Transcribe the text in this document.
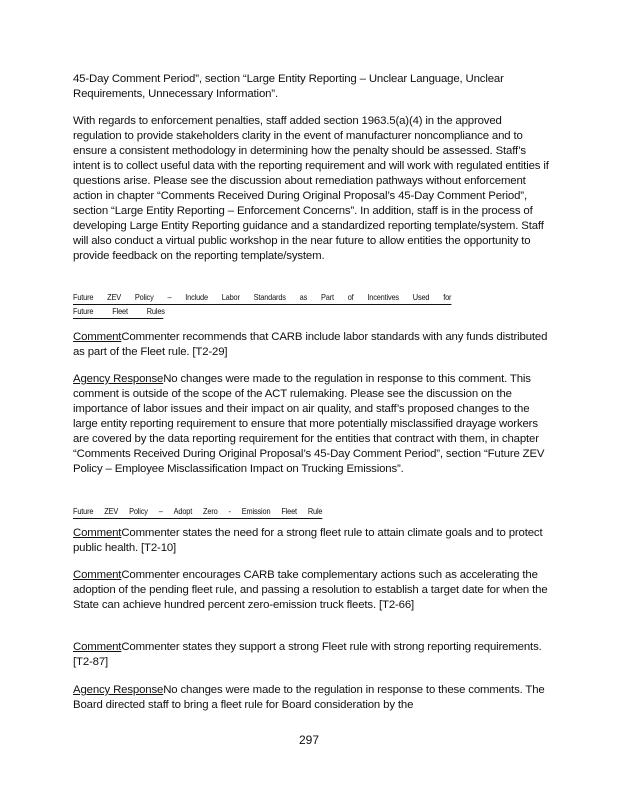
45-Day Comment Period”, section “Large Entity Reporting – Unclear Language, Unclear Requirements, Unnecessary Information”.

With regards to enforcement penalties, staff added section 1963.5(a)(4) in the approved regulation to provide stakeholders clarity in the event of manufacturer noncompliance and to ensure a consistent methodology in determining how the penalty should be assessed. Staff’s intent is to collect useful data with the reporting requirement and will work with regulated entities if questions arise. Please see the discussion about remediation pathways without enforcement action in chapter “Comments Received During Original Proposal’s 45-Day Comment Period”, section “Large Entity Reporting – Enforcement Concerns”. In addition, staff is in the process of developing Large Entity Reporting guidance and a standardized reporting template/system. Staff will also conduct a virtual public workshop in the near future to allow entities the opportunity to provide feedback on the reporting template/system.

Future ZEV Policy – Include Labor Standards as Part of Incentives Used for
Future Fleet Rules

CommentCommenter recommends that CARB include labor standards with any funds distributed as part of the Fleet rule. [T2-29]

Agency ResponseNo changes were made to the regulation in response to this comment. This comment is outside of the scope of the ACT rulemaking. Please see the discussion on the importance of labor issues and their impact on air quality, and staff’s proposed changes to the large entity reporting requirement to ensure that more potentially misclassified drayage workers are covered by the data reporting requirement for the entities that contract with them, in chapter “Comments Received During Original Proposal’s 45-Day Comment Period”, section “Future ZEV Policy – Employee Misclassification Impact on Trucking Emissions”.

Future ZEV Policy – Adopt Zero - Emission Fleet Rule

CommentCommenter states the need for a strong fleet rule to attain climate goals and to protect public health. [T2-10]

CommentCommenter encourages CARB take complementary actions such as accelerating the adoption of the pending fleet rule, and passing a resolution to establish a target date for when the State can achieve hundred percent zero-emission truck fleets. [T2-66]

CommentCommenter states they support a strong Fleet rule with strong reporting requirements. [T2-87]

Agency ResponseNo changes were made to the regulation in response to these comments. The Board directed staff to bring a fleet rule for Board consideration by the

297
